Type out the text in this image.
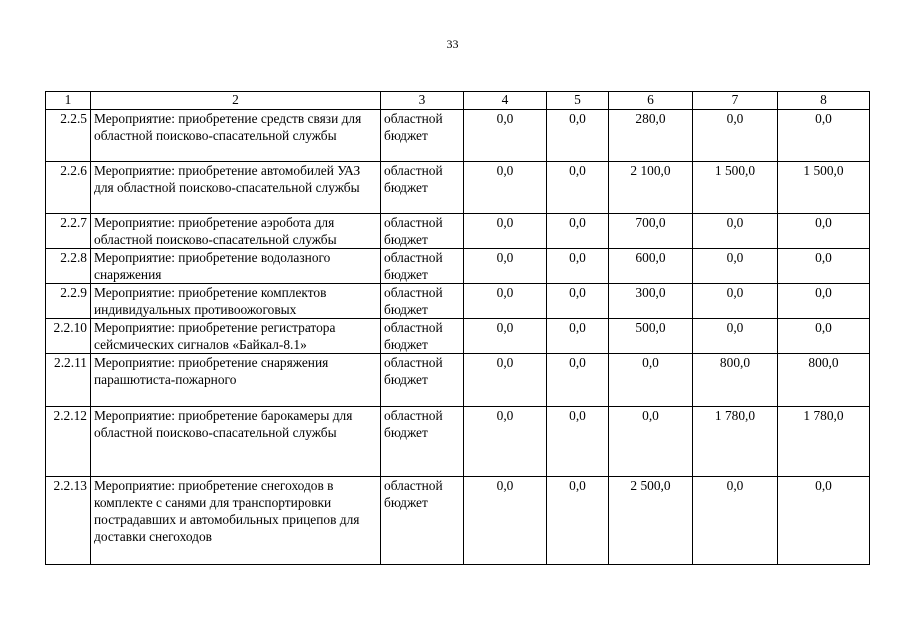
33
1	2	3	4	5	6	7	8
2.2.5	Мероприятие: приобретение средств связи для областной поисково-спасательной службы	областной бюджет	0,0	0,0	280,0	0,0	0,0
2.2.6	Мероприятие: приобретение автомобилей УАЗ для областной поисково-спасательной службы	областной бюджет	0,0	0,0	2 100,0	1 500,0	1 500,0
2.2.7	Мероприятие: приобретение аэробота для областной поисково-спасательной службы	областной бюджет	0,0	0,0	700,0	0,0	0,0
2.2.8	Мероприятие: приобретение водолазного снаряжения	областной бюджет	0,0	0,0	600,0	0,0	0,0
2.2.9	Мероприятие: приобретение комплектов индивидуальных противоожоговых	областной бюджет	0,0	0,0	300,0	0,0	0,0
2.2.10	Мероприятие: приобретение регистратора сейсмических сигналов «Байкал-8.1»	областной бюджет	0,0	0,0	500,0	0,0	0,0
2.2.11	Мероприятие: приобретение снаряжения парашютиста-пожарного	областной бюджет	0,0	0,0	0,0	800,0	800,0
2.2.12	Мероприятие: приобретение барокамеры для областной поисково-спасательной службы	областной бюджет	0,0	0,0	0,0	1 780,0	1 780,0
2.2.13	Мероприятие: приобретение снегоходов в комплекте с санями для транспортировки пострадавших и автомобильных прицепов для доставки снегоходов	областной бюджет	0,0	0,0	2 500,0	0,0	0,0
